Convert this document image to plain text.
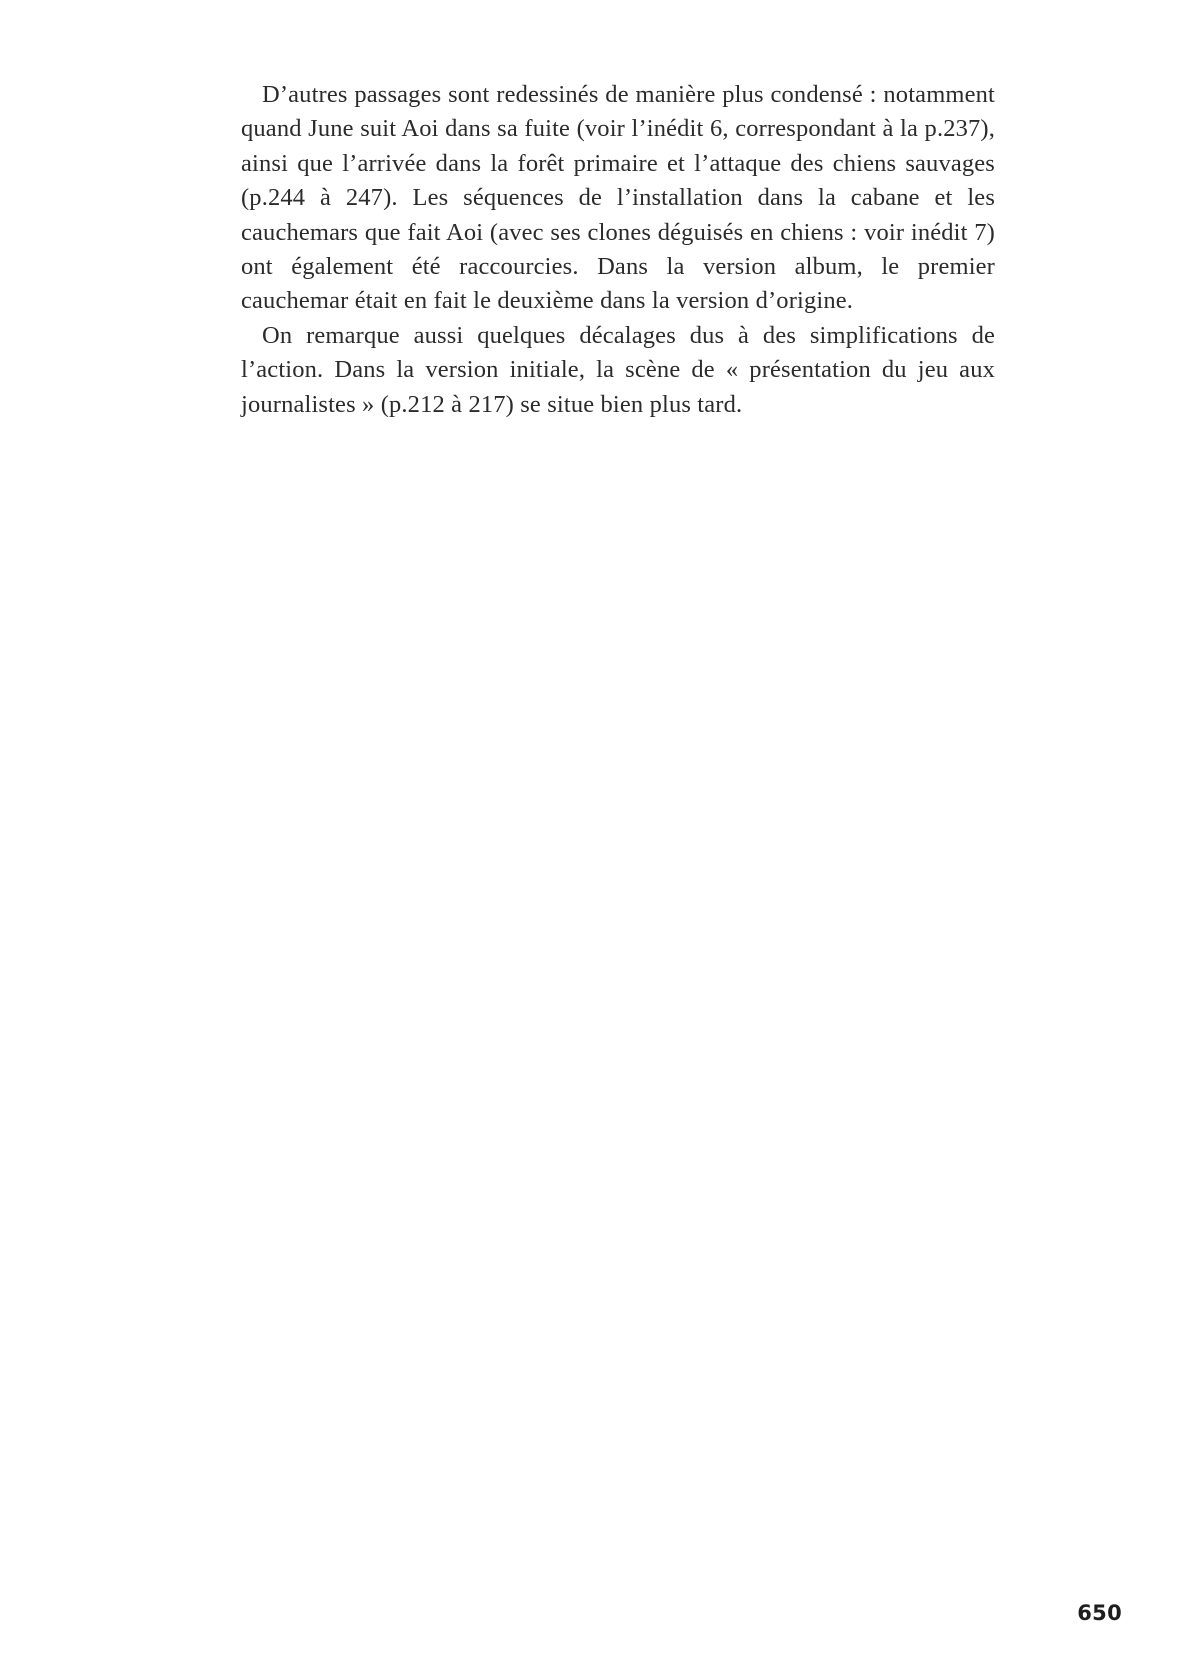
D’autres passages sont redessinés de manière plus condensé : notamment quand June suit Aoi dans sa fuite (voir l’inédit 6, correspondant à la p.237), ainsi que l’arrivée dans la forêt primaire et l’attaque des chiens sauvages (p.244 à 247). Les séquences de l’installation dans la cabane et les cauchemars que fait Aoi (avec ses clones déguisés en chiens : voir inédit 7) ont également été raccourcies. Dans la version album, le premier cauchemar était en fait le deuxième dans la version d’origine.

On remarque aussi quelques décalages dus à des simplifications de l’action. Dans la version initiale, la scène de « présentation du jeu aux journalistes » (p.212 à 217) se situe bien plus tard.

650
